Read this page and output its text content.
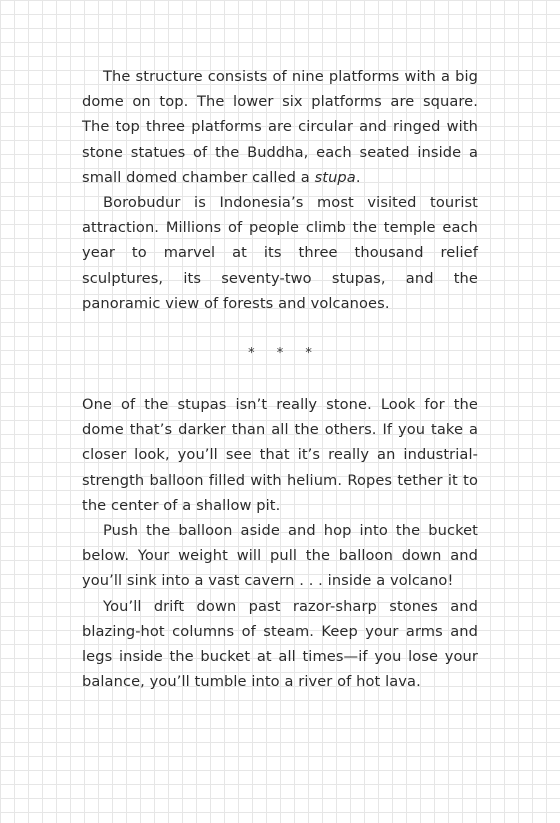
The structure consists of nine platforms with a big dome on top. The lower six platforms are square. The top three platforms are circular and ringed with stone statues of the Buddha, each seated inside a small domed chamber called a stupa.

Borobudur is Indonesia’s most visited tourist attraction. Millions of people climb the temple each year to marvel at its three thousand relief sculptures, its seventy-two stupas, and the panoramic view of forests and volcanoes.

* * *

One of the stupas isn’t really stone. Look for the dome that’s darker than all the others. If you take a closer look, you’ll see that it’s really an industrial-strength balloon filled with helium. Ropes tether it to the center of a shallow pit.

Push the balloon aside and hop into the bucket below. Your weight will pull the balloon down and you’ll sink into a vast cavern . . . inside a volcano!

You’ll drift down past razor-sharp stones and blazing-hot columns of steam. Keep your arms and legs inside the bucket at all times—if you lose your balance, you’ll tumble into a river of hot lava.
